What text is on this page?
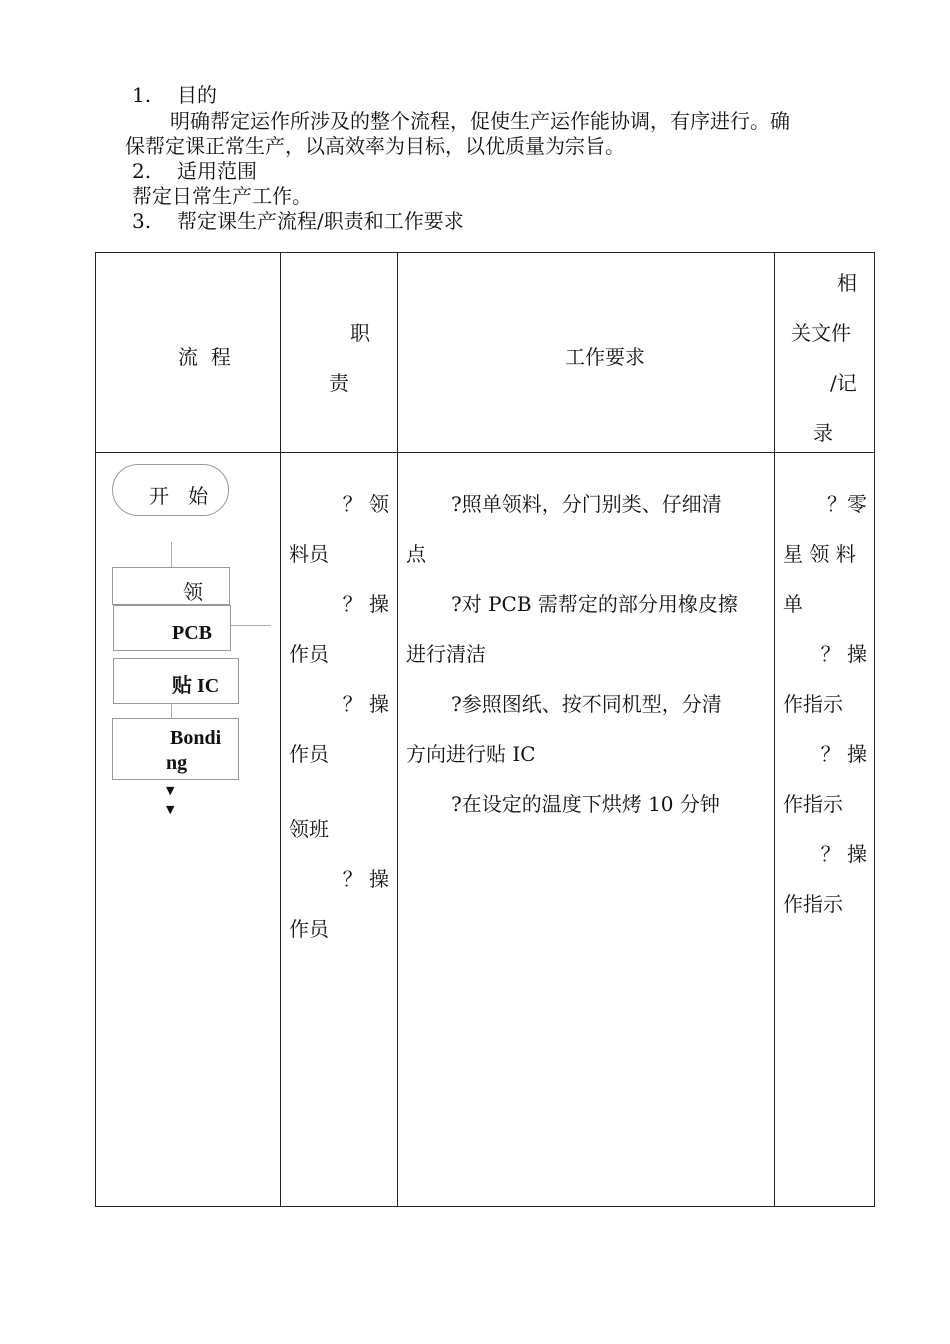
1. 目的
明确帮定运作所涉及的整个流程，促使生产运作能协调，有序进行。确
保帮定课正常生产，以高效率为目标，以优质量为宗旨。
2. 适用范围
帮定日常生产工作。
3. 帮定课生产流程/职责和工作要求
流  程
职
责
工作要求
相
关文件
/记
录
开   始
领
PCB
贴 IC
Bondi
ng
▼
▼
？ 领
料员
？ 操
作员
？ 操
作员
领班
？ 操
作员
?照单领料，分门别类、仔细清
点
?对 PCB 需帮定的部分用橡皮擦
进行清洁
?参照图纸、按不同机型，分清
方向进行贴 IC
?在设定的温度下烘烤 10 分钟
？零
星 领 料
单
？ 操
作指示
？ 操
作指示
？ 操
作指示
